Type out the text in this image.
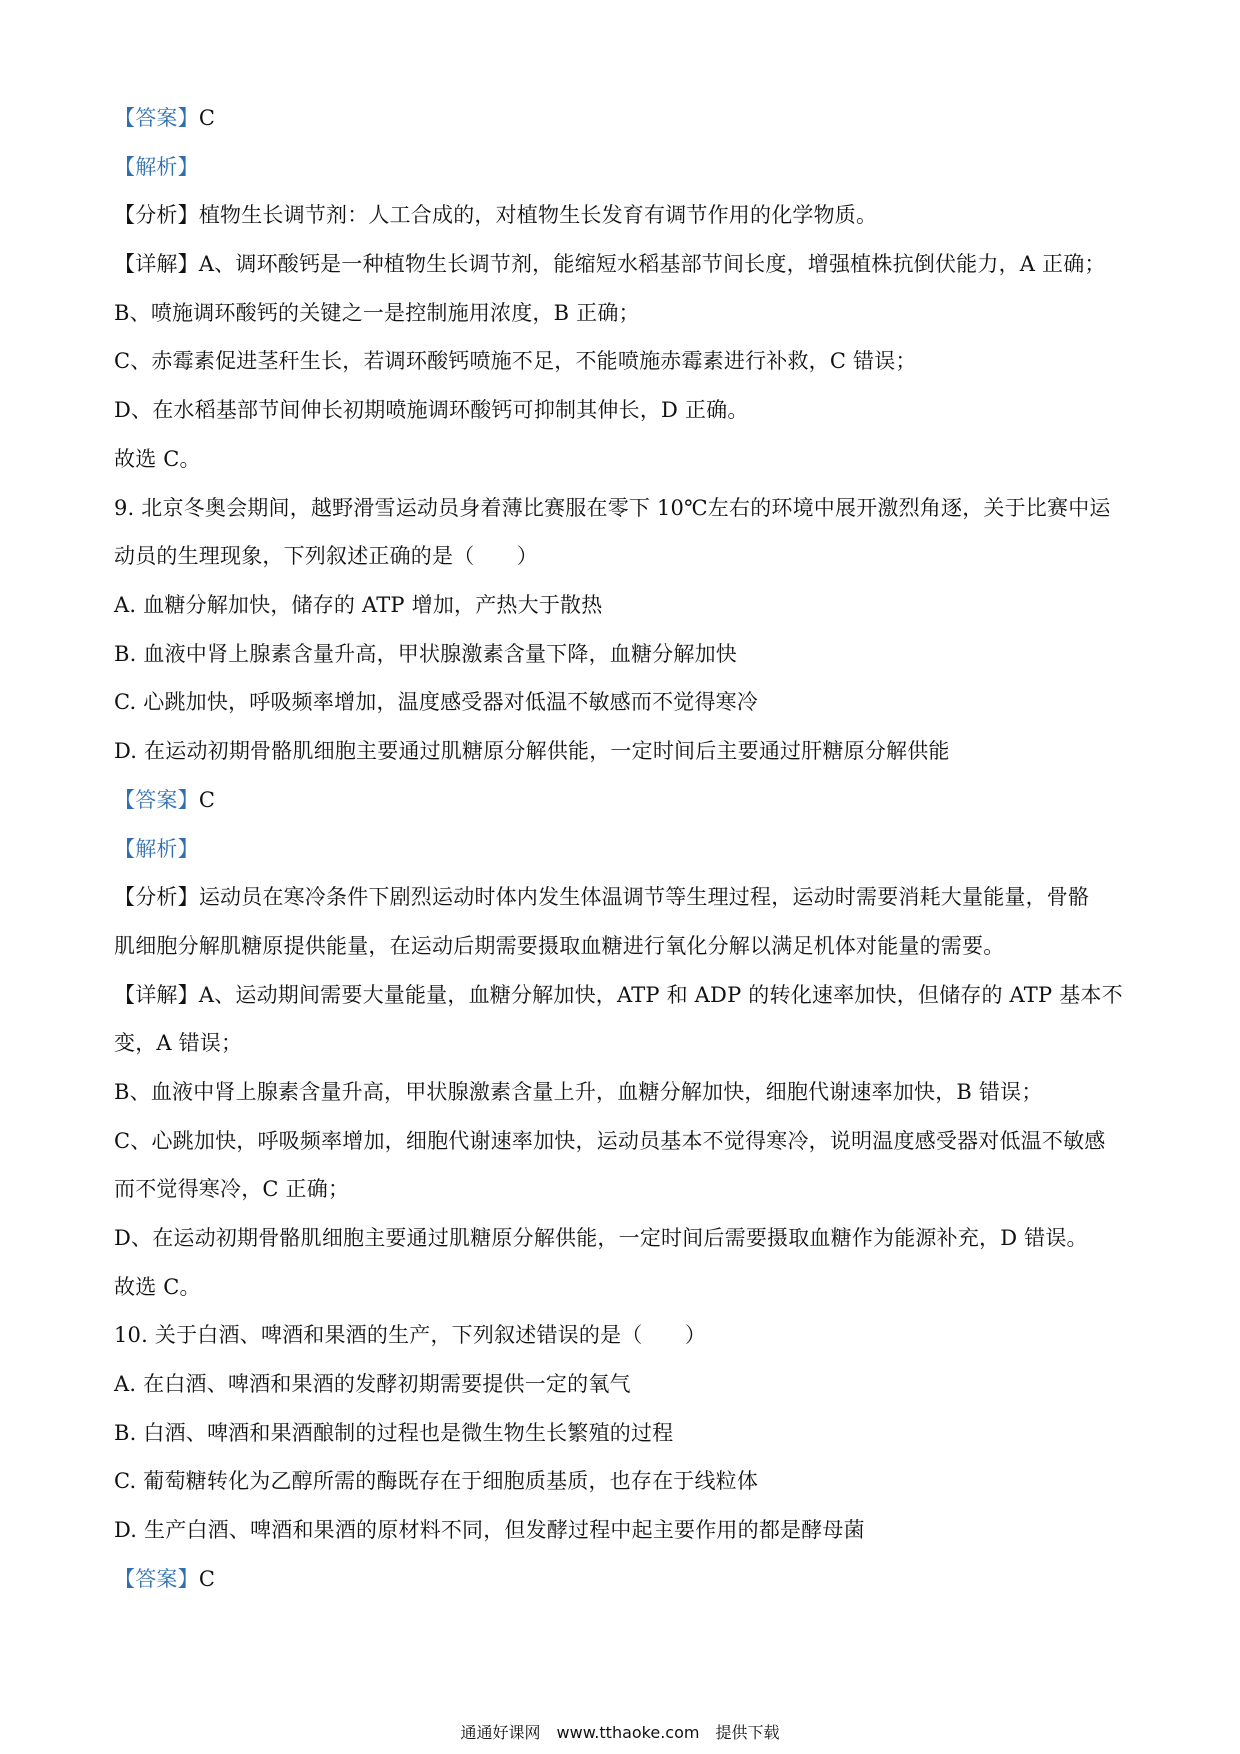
【答案】C
【解析】
【分析】植物生长调节剂：人工合成的，对植物生长发育有调节作用的化学物质。
【详解】A、调环酸钙是一种植物生长调节剂，能缩短水稻基部节间长度，增强植株抗倒伏能力，A 正确；
B、喷施调环酸钙的关键之一是控制施用浓度，B 正确；
C、赤霉素促进茎秆生长，若调环酸钙喷施不足，不能喷施赤霉素进行补救，C 错误；
D、在水稻基部节间伸长初期喷施调环酸钙可抑制其伸长，D 正确。
故选 C。
9. 北京冬奥会期间，越野滑雪运动员身着薄比赛服在零下 10℃左右的环境中展开激烈角逐，关于比赛中运
动员的生理现象，下列叙述正确的是（　　）
A. 血糖分解加快，储存的 ATP 增加，产热大于散热
B. 血液中肾上腺素含量升高，甲状腺激素含量下降，血糖分解加快
C. 心跳加快，呼吸频率增加，温度感受器对低温不敏感而不觉得寒冷
D. 在运动初期骨骼肌细胞主要通过肌糖原分解供能，一定时间后主要通过肝糖原分解供能
【答案】C
【解析】
【分析】运动员在寒冷条件下剧烈运动时体内发生体温调节等生理过程，运动时需要消耗大量能量，骨骼
肌细胞分解肌糖原提供能量，在运动后期需要摄取血糖进行氧化分解以满足机体对能量的需要。
【详解】A、运动期间需要大量能量，血糖分解加快，ATP 和 ADP 的转化速率加快，但储存的 ATP 基本不
变，A 错误；
B、血液中肾上腺素含量升高，甲状腺激素含量上升，血糖分解加快，细胞代谢速率加快，B 错误；
C、心跳加快，呼吸频率增加，细胞代谢速率加快，运动员基本不觉得寒冷，说明温度感受器对低温不敏感
而不觉得寒冷，C 正确；
D、在运动初期骨骼肌细胞主要通过肌糖原分解供能，一定时间后需要摄取血糖作为能源补充，D 错误。
故选 C。
10. 关于白酒、啤酒和果酒的生产，下列叙述错误的是（　　）
A. 在白酒、啤酒和果酒的发酵初期需要提供一定的氧气
B. 白酒、啤酒和果酒酿制的过程也是微生物生长繁殖的过程
C. 葡萄糖转化为乙醇所需的酶既存在于细胞质基质，也存在于线粒体
D. 生产白酒、啤酒和果酒的原材料不同，但发酵过程中起主要作用的都是酵母菌
【答案】C
通通好课网　www.tthaoke.com　提供下载
